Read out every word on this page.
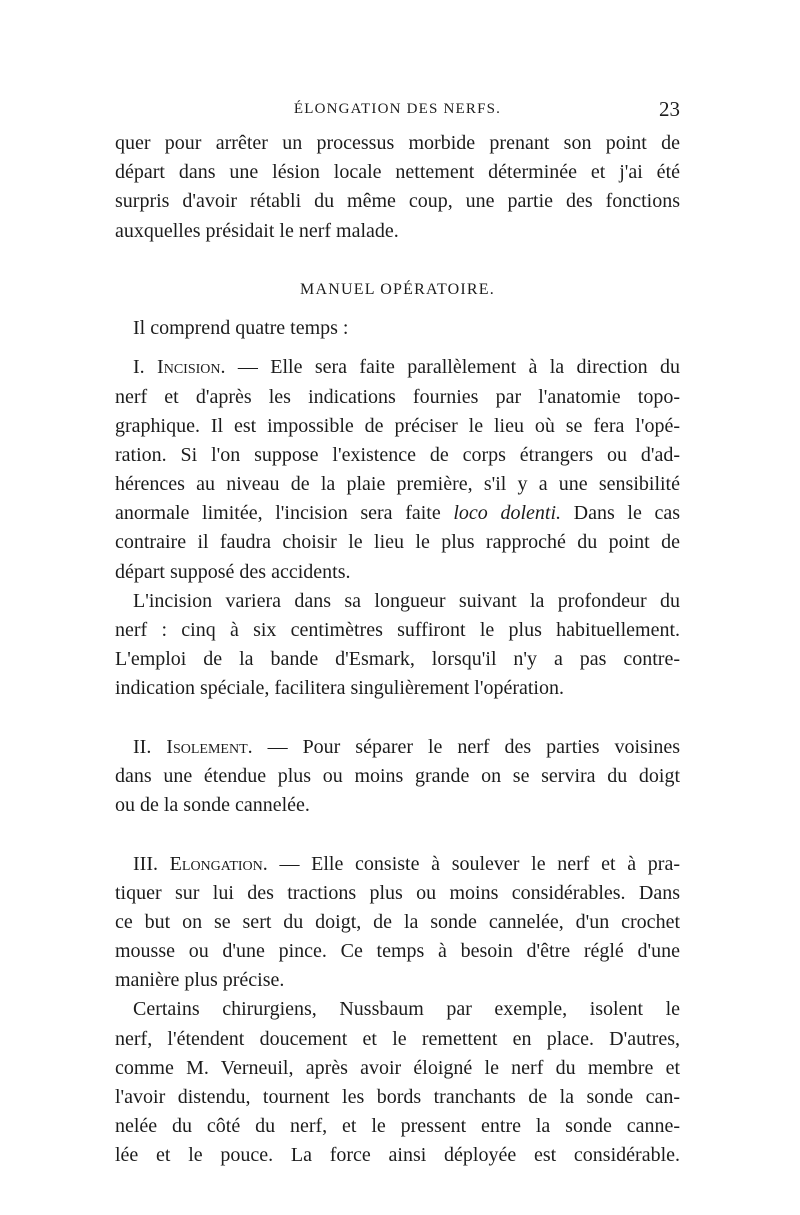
ÉLONGATION DES NERFS.	23
quer pour arrêter un processus morbide prenant son point de
départ dans une lésion locale nettement déterminée et j'ai été
surpris d'avoir rétabli du même coup, une partie des fonctions
auxquelles présidait le nerf malade.
MANUEL OPÉRATOIRE.
Il comprend quatre temps :
I. Incision. — Elle sera faite parallèlement à la direction du
nerf et d'après les indications fournies par l'anatomie topo-
graphique. Il est impossible de préciser le lieu où se fera l'opé-
ration. Si l'on suppose l'existence de corps étrangers ou d'ad-
hérences au niveau de la plaie première, s'il y a une sensibilité
anormale limitée, l'incision sera faite loco dolenti. Dans le cas
contraire il faudra choisir le lieu le plus rapproché du point de
départ supposé des accidents.
L'incision variera dans sa longueur suivant la profondeur du
nerf : cinq à six centimètres suffiront le plus habituellement.
L'emploi de la bande d'Esmark, lorsqu'il n'y a pas contre-
indication spéciale, facilitera singulièrement l'opération.
II. Isolement. — Pour séparer le nerf des parties voisines
dans une étendue plus ou moins grande on se servira du doigt
ou de la sonde cannelée.
III. Elongation. — Elle consiste à soulever le nerf et à pra-
tiquer sur lui des tractions plus ou moins considérables. Dans
ce but on se sert du doigt, de la sonde cannelée, d'un crochet
mousse ou d'une pince. Ce temps à besoin d'être réglé d'une
manière plus précise.
Certains chirurgiens, Nussbaum par exemple, isolent le
nerf, l'étendent doucement et le remettent en place. D'autres,
comme M. Verneuil, après avoir éloigné le nerf du membre et
l'avoir distendu, tournent les bords tranchants de la sonde can-
nelée du côté du nerf, et le pressent entre la sonde canne-
lée et le pouce. La force ainsi déployée est considérable.
